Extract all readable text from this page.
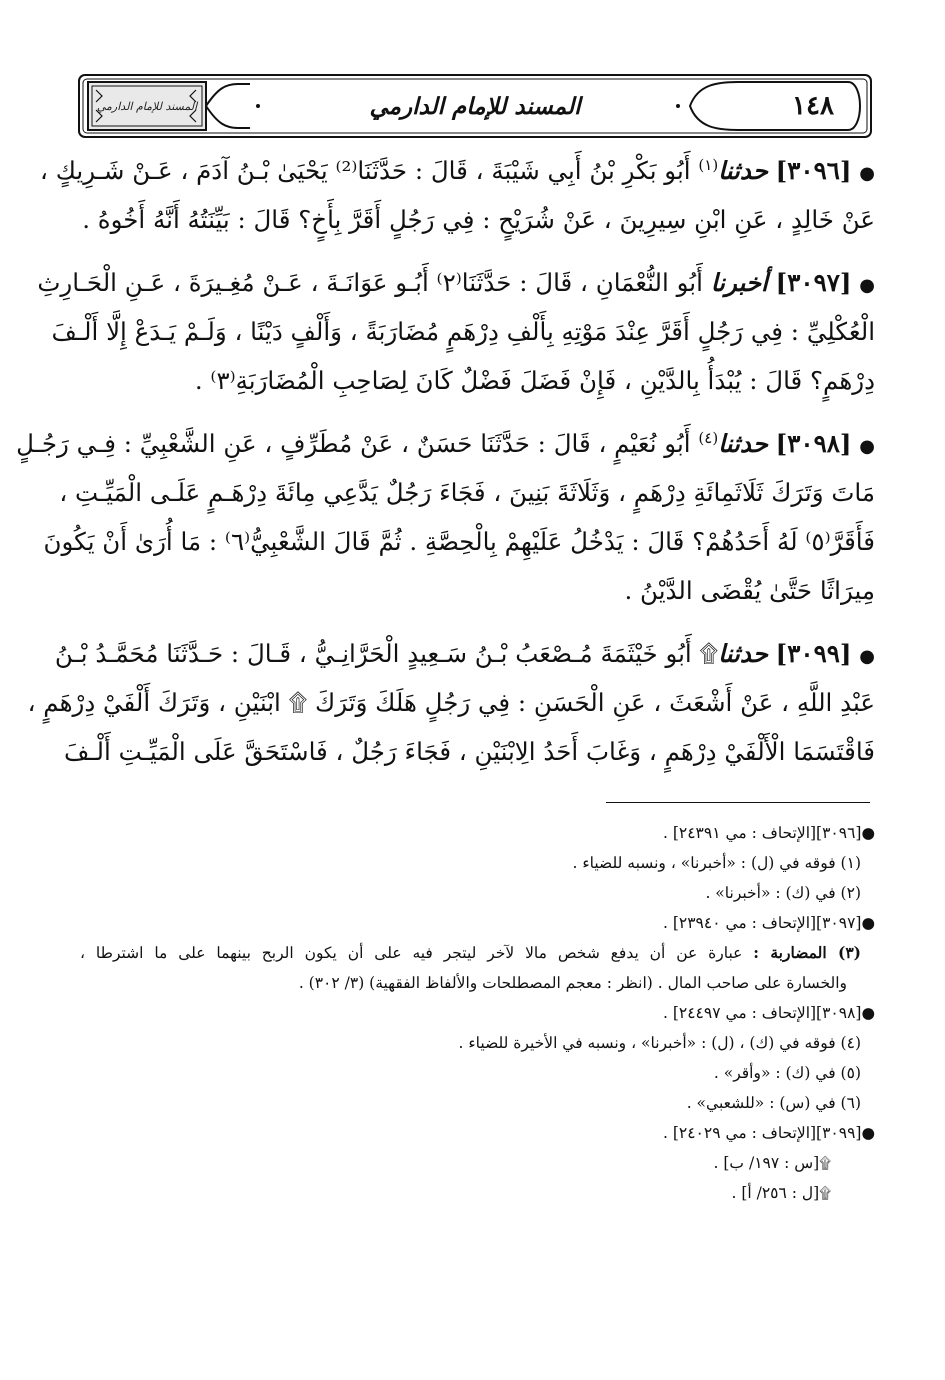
١٤٨
المسند للإمام الدارمي
المسند للإمام الدارمي
● [٣٠٩٦] حدثنا$^{(١)}$ أَبُو بَكْرِ بْنُ أَبِي شَيْبَةَ ، قَالَ : حَدَّثَنَا⁽²⁾ يَحْيَىٰ بْـنُ آدَمَ ، عَـنْ شَـرِيكٍ ،
عَنْ خَالِدٍ ، عَنِ ابْنِ سِيرِينَ ، عَنْ شُرَيْحٍ : فِي رَجُلٍ أَقَرَّ بِأَخٍ؟ قَالَ : بَيِّنَتُهُ أَنَّهُ أَخُوهُ .
● [٣٠٩٧] أخبرنا أَبُو النُّعْمَانِ ، قَالَ : حَدَّثَنَا⁽٢⁾ أَبُـو عَوَانَـةَ ، عَـنْ مُغِـيرَةَ ، عَـنِ الْحَـارِثِ
الْعُكْلِيِّ : فِي رَجُلٍ أَقَرَّ عِنْدَ مَوْتِهِ بِأَلْفِ دِرْهَمٍ مُضَارَبَةً ، وَأَلْفٍ دَيْنًا ، وَلَـمْ يَـدَعْ إِلَّا أَلْـفَ
دِرْهَمٍ؟ قَالَ : يُبْدَأُ بِالدَّيْنِ ، فَإِنْ فَضَلَ فَضْلٌ كَانَ لِصَاحِبِ الْمُضَارَبَةِ⁽٣⁾ .
● [٣٠٩٨] حدثنا$^{(٤)}$ أَبُو نُعَيْمٍ ، قَالَ : حَدَّثَنَا حَسَنٌ ، عَنْ مُطَرِّفٍ ، عَنِ الشَّعْبِيِّ : فِـي رَجُـلٍ
مَاتَ وَتَرَكَ ثَلَاثَمِائَةِ دِرْهَمٍ ، وَثَلَاثَةَ بَنِينَ ، فَجَاءَ رَجُلٌ يَدَّعِي مِائَةَ دِرْهَـمٍ عَلَـى الْمَيِّـتِ ،
فَأَقَرَّ⁽٥⁾ لَهُ أَحَدُهُمْ؟ قَالَ : يَدْخُلُ عَلَيْهِمْ بِالْحِصَّةِ . ثُمَّ قَالَ الشَّعْبِيُّ⁽٦⁾ : مَا أُرَىٰ أَنْ يَكُونَ
مِيرَاثًا حَتَّىٰ يُقْضَى الدَّيْنُ .
● [٣٠٩٩] حدثنا۩ أَبُو خَيْثَمَةَ مُـصْعَبُ بْـنُ سَـعِيدٍ الْحَرَّانِـيُّ ، قَـالَ : حَـدَّثَنَا مُحَمَّـدُ بْـنُ
عَبْدِ اللَّهِ ، عَنْ أَشْعَثَ ، عَنِ الْحَسَنِ : فِي رَجُلٍ هَلَكَ وَتَرَكَ ۩ ابْنَيْنِ ، وَتَرَكَ أَلْفَيْ دِرْهَمٍ ،
فَاقْتَسَمَا الْأَلْفَيْ دِرْهَمٍ ، وَغَابَ أَحَدُ الِابْنَيْنِ ، فَجَاءَ رَجُلٌ ، فَاسْتَحَقَّ عَلَى الْمَيِّـتِ أَلْـفَ
●[٣٠٩٦][الإتحاف : مي ٢٤٣٩١] .
(١) فوقه في (ل) : «أخبرنا» ، ونسبه للضياء .
(٢) في (ك) : «أخبرنا» .
●[٣٠٩٧][الإتحاف : مي ٢٣٩٤٠] .
(٣) المضاربة : عبارة عن أن يدفع شخص مالا لآخر ليتجر فيه على أن يكون الربح بينهما على ما اشترطا ،
والخسارة على صاحب المال . (انظر : معجم المصطلحات والألفاظ الفقهية) (٣/ ٣٠٢) .
●[٣٠٩٨][الإتحاف : مي ٢٤٤٩٧] .
(٤) فوقه في (ك) ، (ل) : «أخبرنا» ، ونسبه في الأخيرة للضياء .
(٥) في (ك) : «وأقر» .
(٦) في (س) : «للشعبي» .
●[٣٠٩٩][الإتحاف : مي ٢٤٠٢٩] .
۩[س : ١٩٧/ ب] .
۩[ل : ٢٥٦/ أ] .
